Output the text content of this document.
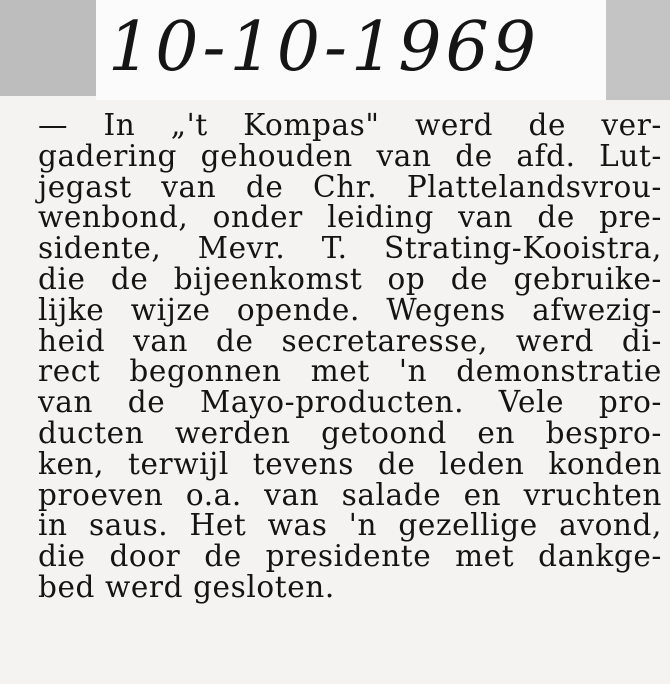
10-10-1969
— In „'t Kompas" werd de ver-
gadering gehouden van de afd. Lut-
jegast van de Chr. Plattelandsvrou-
wenbond, onder leiding van de pre-
sidente, Mevr. T. Strating-Kooistra,
die de bijeenkomst op de gebruike-
lijke wijze opende. Wegens afwezig-
heid van de secretaresse, werd di-
rect begonnen met 'n demonstratie
van de Mayo-producten. Vele pro-
ducten werden getoond en bespro-
ken, terwijl tevens de leden konden
proeven o.a. van salade en vruchten
in saus. Het was 'n gezellige avond,
die door de presidente met dankge-
bed werd gesloten.
